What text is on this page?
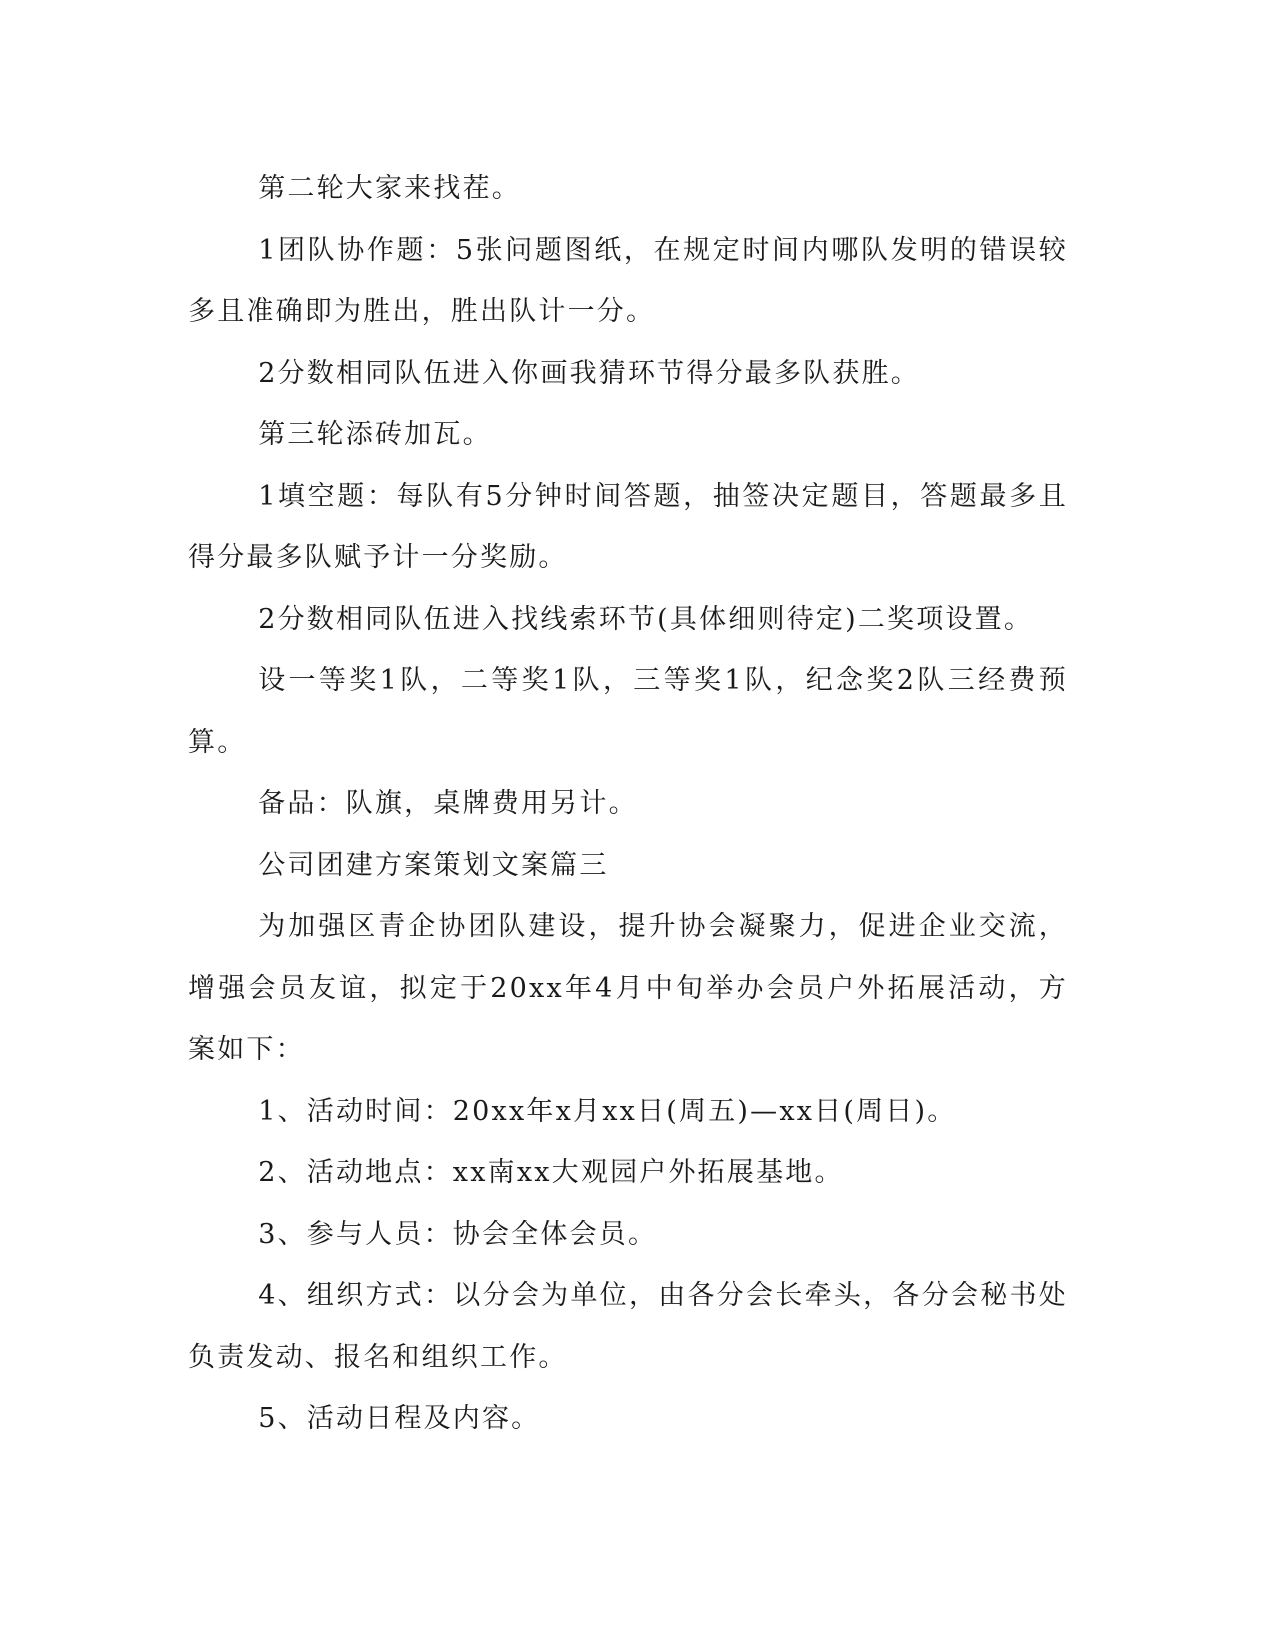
第二轮大家来找茬。

1团队协作题：5张问题图纸，在规定时间内哪队发明的错误较多且准确即为胜出，胜出队计一分。

2分数相同队伍进入你画我猜环节得分最多队获胜。

第三轮添砖加瓦。

1填空题：每队有5分钟时间答题，抽签决定题目，答题最多且得分最多队赋予计一分奖励。

2分数相同队伍进入找线索环节(具体细则待定)二奖项设置。

设一等奖1队，二等奖1队，三等奖1队，纪念奖2队三经费预算。

备品：队旗，桌牌费用另计。

公司团建方案策划文案篇三

为加强区青企协团队建设，提升协会凝聚力，促进企业交流，增强会员友谊，拟定于20xx年4月中旬举办会员户外拓展活动，方案如下：

1、活动时间：20xx年x月xx日(周五)—xx日(周日)。

2、活动地点：xx南xx大观园户外拓展基地。

3、参与人员：协会全体会员。

4、组织方式：以分会为单位，由各分会长牵头，各分会秘书处负责发动、报名和组织工作。

5、活动日程及内容。
